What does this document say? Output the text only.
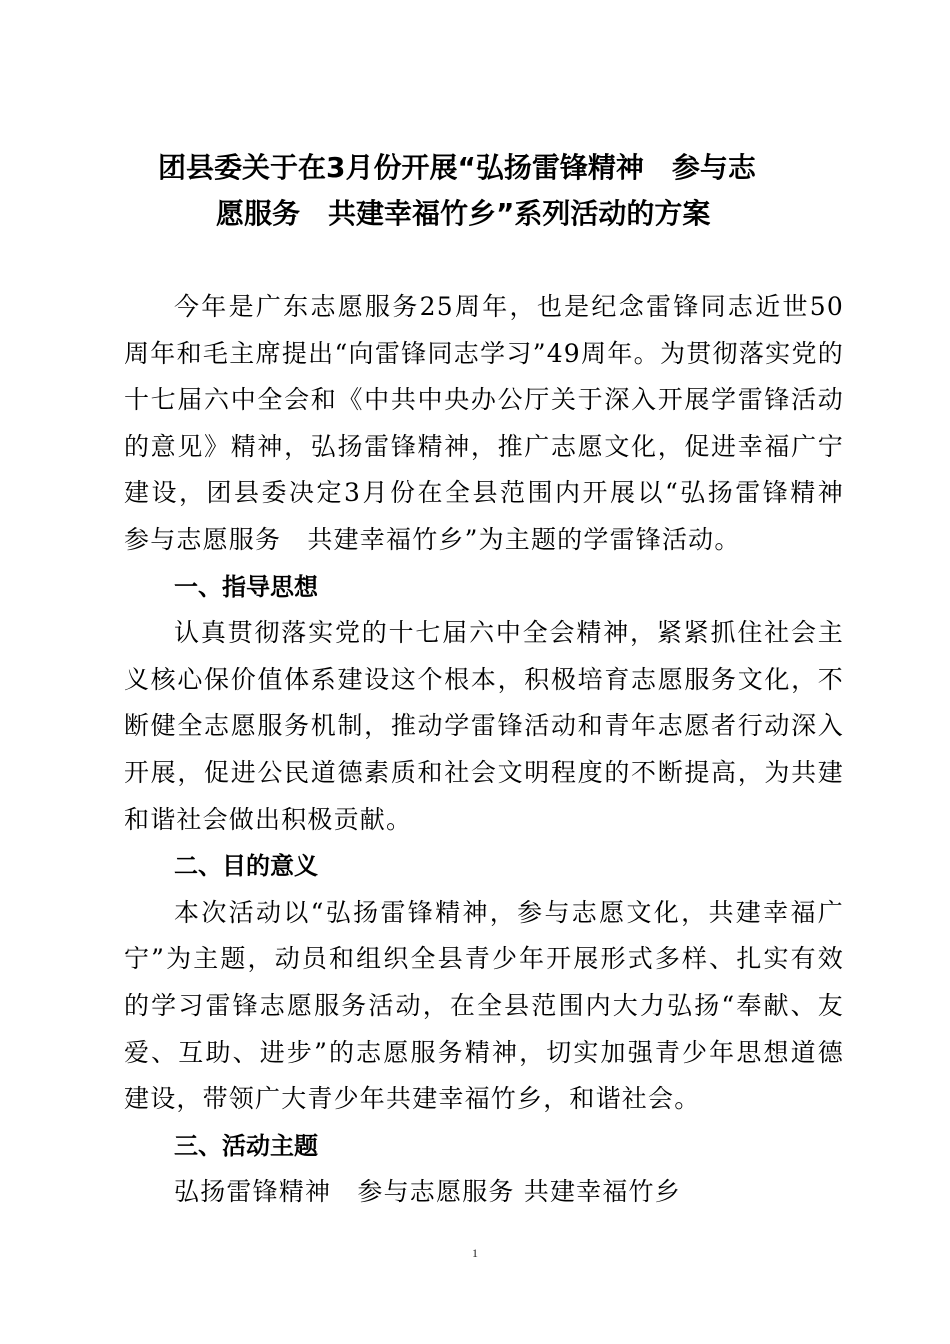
团县委关于在3月份开展“弘扬雷锋精神　参与志
愿服务　共建幸福竹乡”系列活动的方案

今年是广东志愿服务25周年，也是纪念雷锋同志近世50周年和毛主席提出“向雷锋同志学习”49周年。为贯彻落实党的十七届六中全会和《中共中央办公厅关于深入开展学雷锋活动的意见》精神，弘扬雷锋精神，推广志愿文化，促进幸福广宁建设，团县委决定3月份在全县范围内开展以“弘扬雷锋精神　参与志愿服务　共建幸福竹乡”为主题的学雷锋活动。

一、指导思想

认真贯彻落实党的十七届六中全会精神，紧紧抓住社会主义核心保价值体系建设这个根本，积极培育志愿服务文化，不断健全志愿服务机制，推动学雷锋活动和青年志愿者行动深入开展，促进公民道德素质和社会文明程度的不断提高，为共建和谐社会做出积极贡献。

二、目的意义

本次活动以“弘扬雷锋精神，参与志愿文化，共建幸福广宁”为主题，动员和组织全县青少年开展形式多样、扎实有效的学习雷锋志愿服务活动，在全县范围内大力弘扬“奉献、友爱、互助、进步”的志愿服务精神，切实加强青少年思想道德建设，带领广大青少年共建幸福竹乡，和谐社会。

三、活动主题

弘扬雷锋精神　参与志愿服务 共建幸福竹乡

1
